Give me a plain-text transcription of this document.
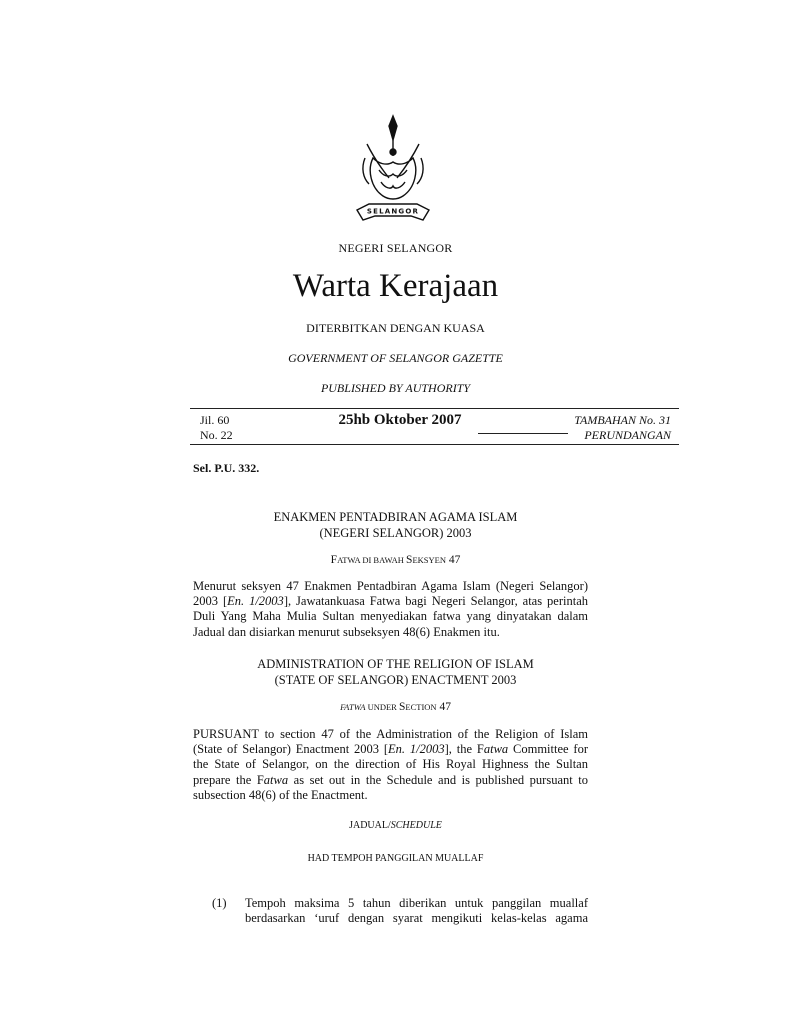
SELANGOR
NEGERI SELANGOR
Warta Kerajaan
DITERBITKAN DENGAN KUASA
GOVERNMENT OF SELANGOR GAZETTE
PUBLISHED BY AUTHORITY
Jil. 60
No. 22
25hb Oktober 2007	TAMBAHAN No. 31
PERUNDANGAN
Sel. P.U. 332.
ENAKMEN PENTADBIRAN AGAMA ISLAM
(NEGERI SELANGOR) 2003
FATWA DI BAWAH SEKSYEN 47
Menurut seksyen 47 Enakmen Pentadbiran Agama Islam (Negeri Selangor)
2003 [En. 1/2003], Jawatankuasa Fatwa bagi Negeri Selangor, atas perintah
Duli Yang Maha Mulia Sultan menyediakan fatwa yang dinyatakan dalam
Jadual dan disiarkan menurut subseksyen 48(6) Enakmen itu.
ADMINISTRATION OF THE RELIGION OF ISLAM
(STATE OF SELANGOR) ENACTMENT 2003
FATWA UNDER SECTION 47
PURSUANT to section 47 of the Administration of the Religion of Islam
(State of Selangor) Enactment 2003 [En. 1/2003], the Fatwa Committee for
the State of Selangor, on the direction of His Royal Highness the Sultan
prepare the Fatwa as set out in the Schedule and is published pursuant to
subsection 48(6) of the Enactment.
JADUAL/SCHEDULE
HAD TEMPOH PANGGILAN MUALLAF
(1) Tempoh maksima 5 tahun diberikan untuk panggilan muallaf
berdasarkan ‘uruf dengan syarat mengikuti kelas-kelas agama
